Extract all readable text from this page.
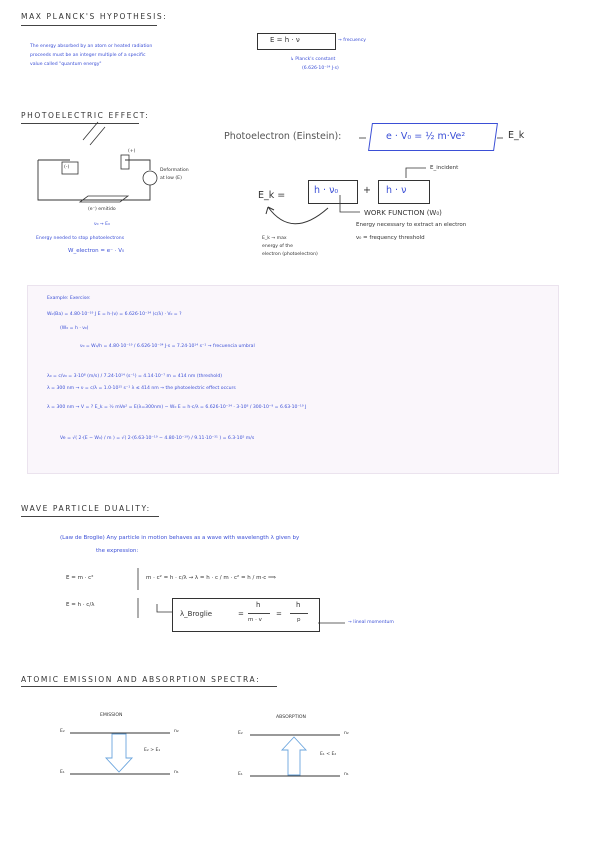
MAX PLANCK'S HYPOTHESIS:
The energy absorbed by an atom or heated radiation
proceeds must be an integer multiple of a specific
value called "quantum energy"
E = h · ν	→ frecuency
↳ Planck's constant
(6.626·10⁻³⁴ J·s)
PHOTOELECTRIC EFFECT:
(-)
(+)
Deformation
at low (E)
(e⁻) emitido
ν₀ → E₀
Energy needed to stop photoelectrons
W_electron = e⁻ · V₀
Photoelectron (Einstein):	e · V₀ = ½ m·Ve²	E_k
E_k =	h · ν₀	+ h · ν
E_incident
WORK FUNCTION (W₀)
Energy necessary to extract an electron
ν₀ = frequency threshold
E_k → max
energy of the
electron (photoelectron)
Example: Exercise:
W₀(Ba) = 4.80·10⁻¹⁹ J E = h·(ν) = 6.626·10⁻³⁴ (c/λ) · V₀ = ?
(W₀ = h · ν₀)
ν₀ = W₀/h = 4.80·10⁻¹⁹ / 6.626·10⁻³⁴ J·s = 7.24·10¹⁴ s⁻¹ → frecuencia umbral
λ₀ = c/ν₀ = 3·10⁸ (m/s) / 7.24·10¹⁴ (s⁻¹) = 4.14·10⁻⁷ m = 414 nm (threshold)
λ = 300 nm → ν = c/λ = 1.0·10¹⁵ s⁻¹ λ ≤ 414 nm → the photoelectric effect occurs
λ = 300 nm → V = ? E_k = ½ mVe² = E(λ=300nm) − W₀ E = h·c/λ = 6.626·10⁻³⁴ · 3·10⁸ / 300·10⁻⁹ = 6.63·10⁻¹⁹ J
Ve = √( 2·(E − W₀) / m ) = √( 2·(6.63·10⁻¹⁹ − 4.80·10⁻¹⁹) / 9.11·10⁻³¹ ) = 6.3·10⁵ m/s
WAVE PARTICLE DUALITY:
(Law de Broglie) Any particle in motion behaves as a wave with wavelength λ given by
the expression:
E = m · c²
E = h · c/λ
m · c² = h · c/λ → λ = h · c / m · c² = h / m·c ⟹
λ_Broglie	=
h
m · v
=
h
p	→ lineal momentum
ATOMIC EMISSION AND ABSORPTION SPECTRA:
EMISSION	ABSORPTION
E₂
E₁
n₂
n₁
E₂ > E₁
E₂
E₁
n₂
n₁
E₁ < E₂
